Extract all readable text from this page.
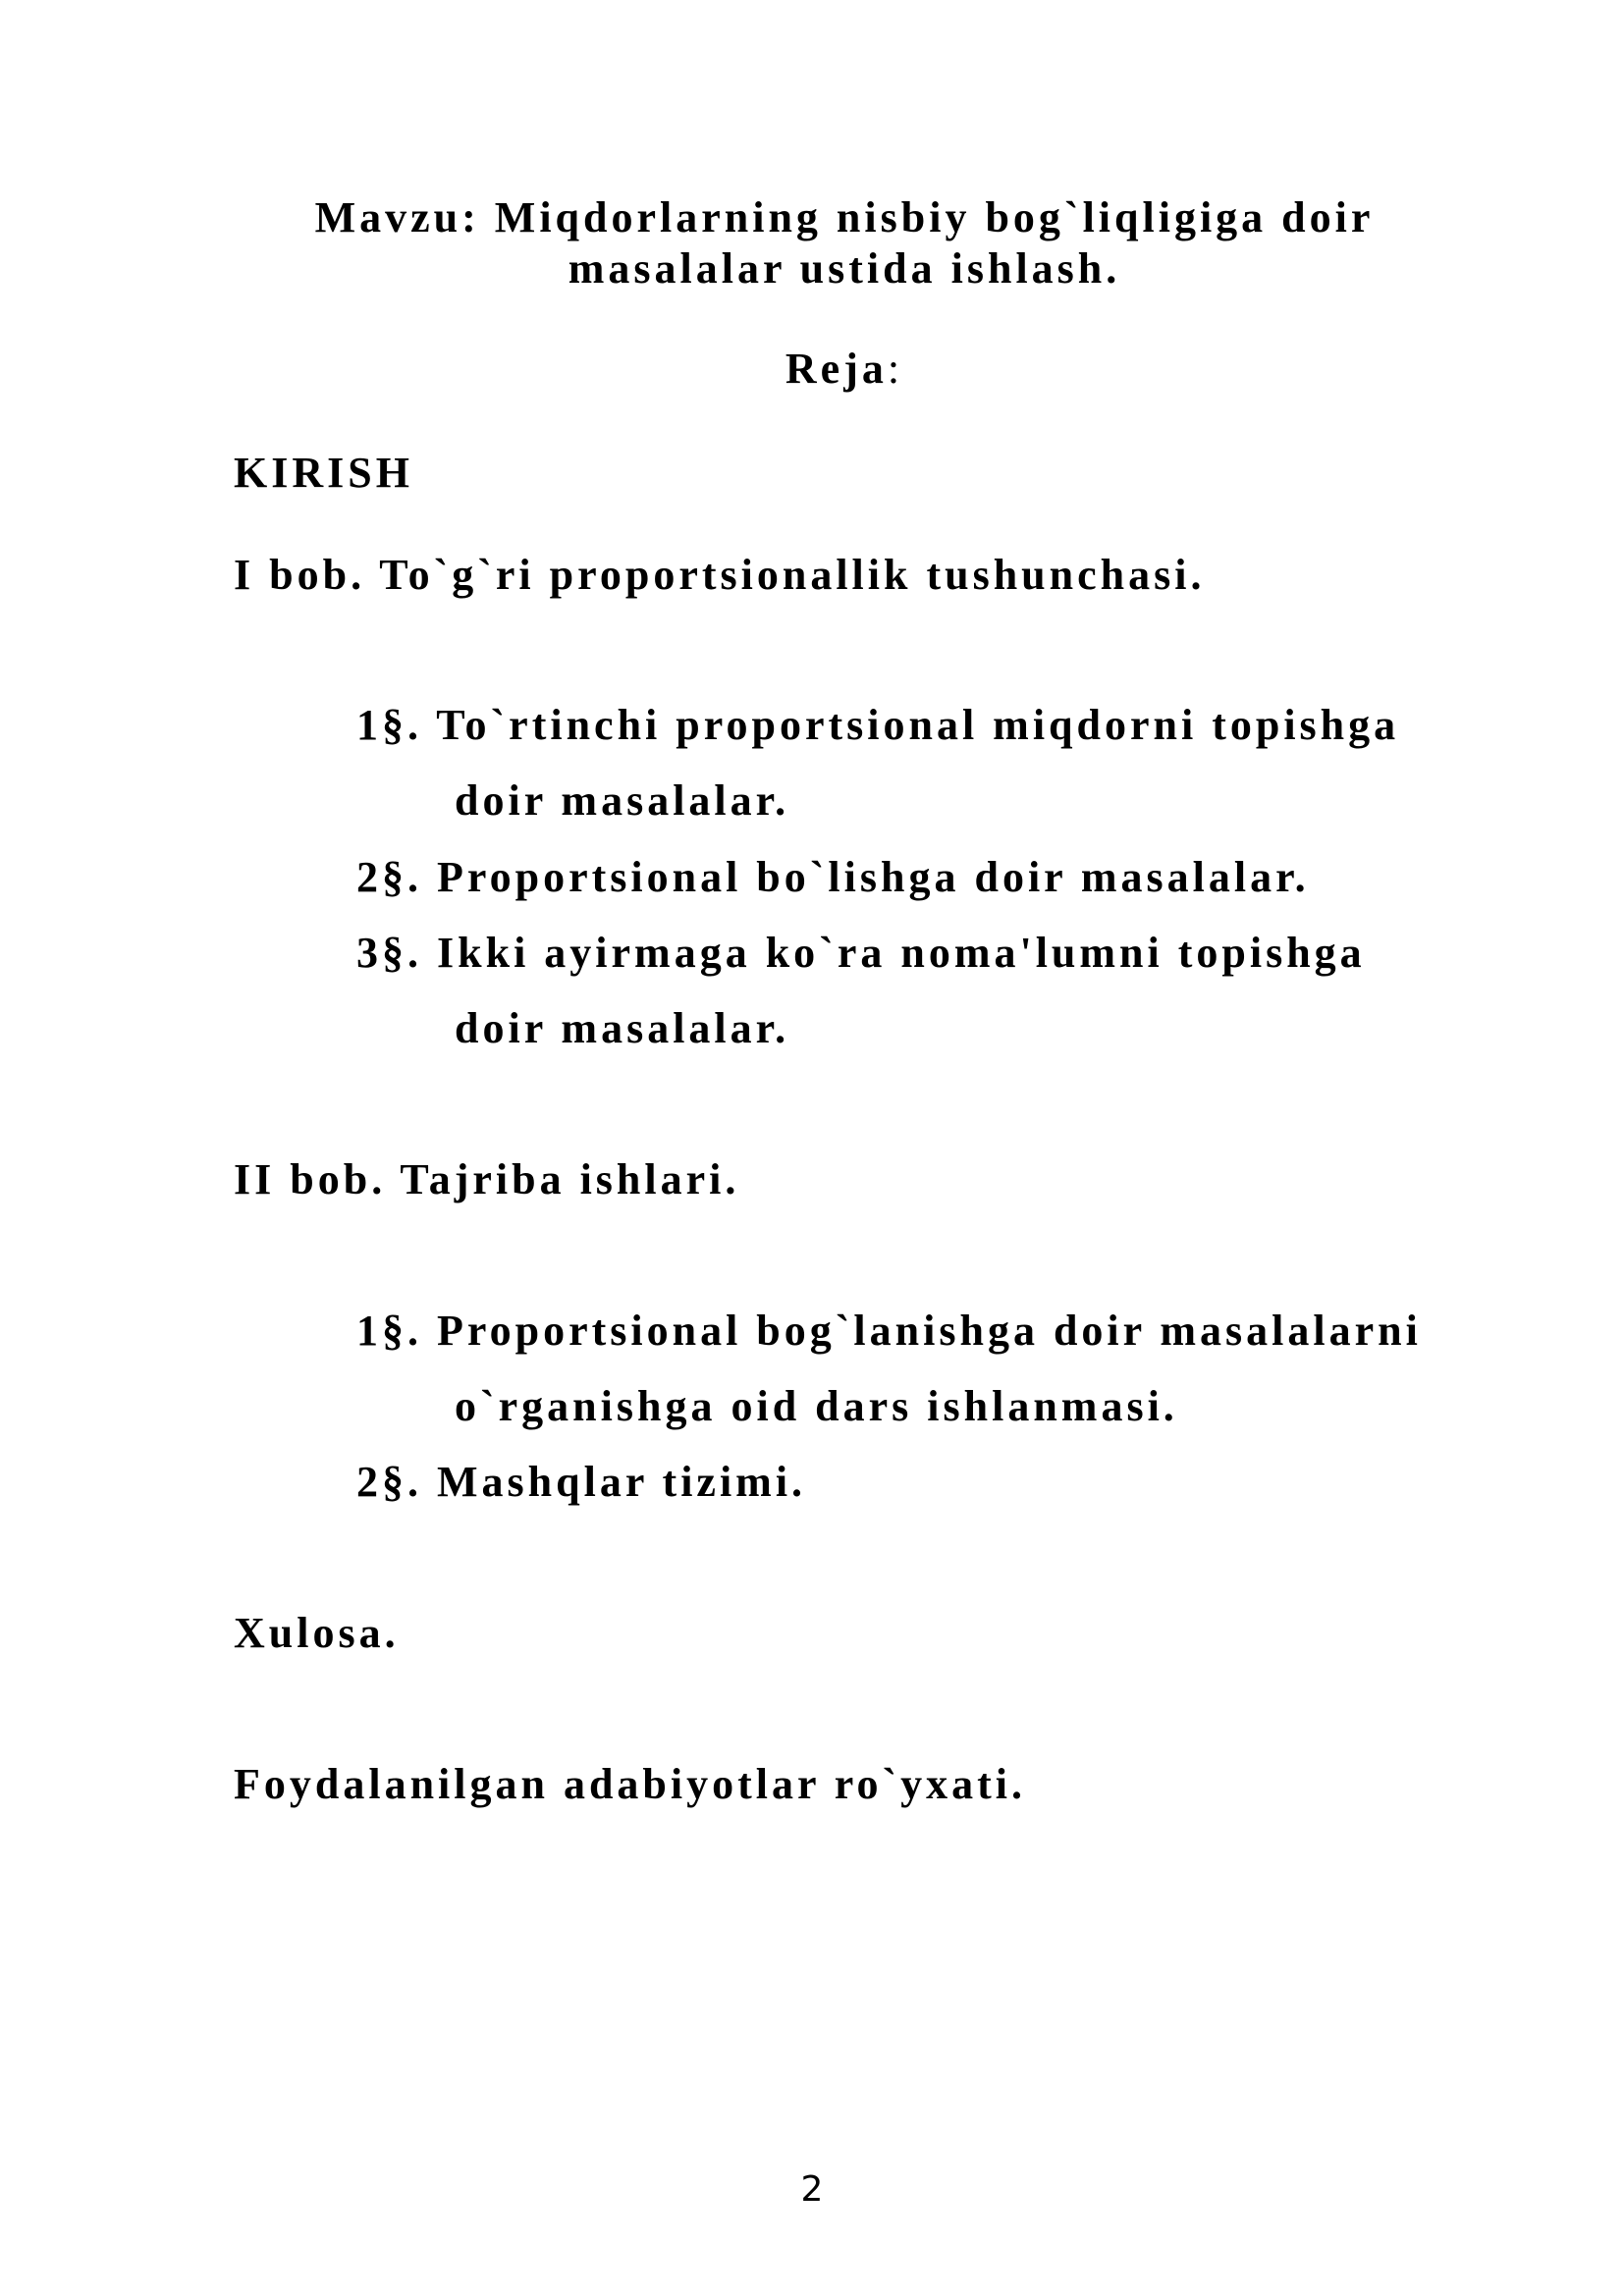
Mavzu: Miqdorlarning nisbiy bog`liqligiga doir
masalalar ustida ishlash.
Reja:
KIRISH
I bob. To`g`ri proportsionallik tushunchasi.
1§. To`rtinchi proportsional miqdorni topishga
doir masalalar.
2§. Proportsional bo`lishga doir masalalar.
3§. Ikki ayirmaga ko`ra noma'lumni topishga
doir masalalar.
II bob. Tajriba ishlari.
1§. Proportsional bog`lanishga doir masalalarni
o`rganishga oid dars ishlanmasi.
2§. Mashqlar tizimi.
Xulosa.
Foydalanilgan adabiyotlar ro`yxati.
2
